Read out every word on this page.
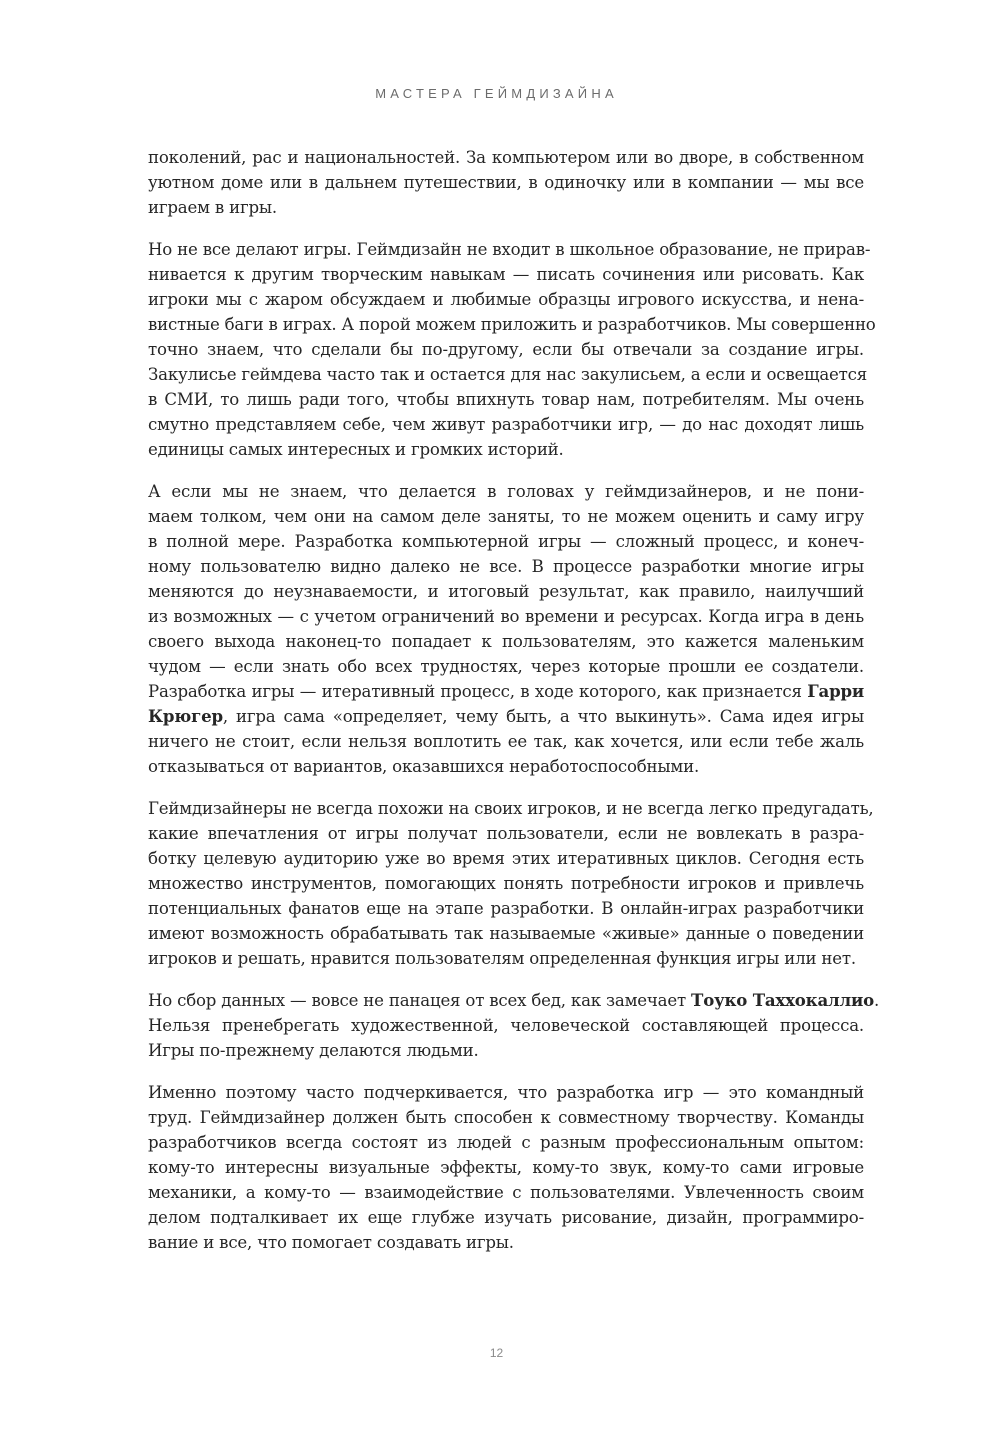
МАСТЕРА ГЕЙМДИЗАЙНА
поколений, рас и национальностей. За компьютером или во дворе, в собственном
уютном доме или в дальнем путешествии, в одиночку или в компании — мы все
играем в игры.
Но не все делают игры. Геймдизайн не входит в школьное образование, не прирав-
нивается к другим творческим навыкам — писать сочинения или рисовать. Как
игроки мы с жаром обсуждаем и любимые образцы игрового искусства, и нена-
вистные баги в играх. А порой можем приложить и разработчиков. Мы совершенно
точно знаем, что сделали бы по-другому, если бы отвечали за создание игры.
Закулисье геймдева часто так и остается для нас закулисьем, а если и освещается
в СМИ, то лишь ради того, чтобы впихнуть товар нам, потребителям. Мы очень
смутно представляем себе, чем живут разработчики игр, — до нас доходят лишь
единицы самых интересных и громких историй.
А если мы не знаем, что делается в головах у геймдизайнеров, и не пони-
маем толком, чем они на самом деле заняты, то не можем оценить и саму игру
в полной мере. Разработка компьютерной игры — сложный процесс, и конеч-
ному пользователю видно далеко не все. В процессе разработки многие игры
меняются до неузнаваемости, и итоговый результат, как правило, наилучший
из возможных — с учетом ограничений во времени и ресурсах. Когда игра в день
своего выхода наконец-то попадает к пользователям, это кажется маленьким
чудом — если знать обо всех трудностях, через которые прошли ее создатели.
Разработка игры — итеративный процесс, в ходе которого, как признается Гарри
Крюгер, игра сама «определяет, чему быть, а что выкинуть». Сама идея игры
ничего не стоит, если нельзя воплотить ее так, как хочется, или если тебе жаль
отказываться от вариантов, оказавшихся неработоспособными.
Геймдизайнеры не всегда похожи на своих игроков, и не всегда легко предугадать,
какие впечатления от игры получат пользователи, если не вовлекать в разра-
ботку целевую аудиторию уже во время этих итеративных циклов. Сегодня есть
множество инструментов, помогающих понять потребности игроков и привлечь
потенциальных фанатов еще на этапе разработки. В онлайн-играх разработчики
имеют возможность обрабатывать так называемые «живые» данные о поведении
игроков и решать, нравится пользователям определенная функция игры или нет.
Но сбор данных — вовсе не панацея от всех бед, как замечает Тоуко Таххокаллио.
Нельзя пренебрегать художественной, человеческой составляющей процесса.
Игры по-прежнему делаются людьми.
Именно поэтому часто подчеркивается, что разработка игр — это командный
труд. Геймдизайнер должен быть способен к совместному творчеству. Команды
разработчиков всегда состоят из людей с разным профессиональным опытом:
кому-то интересны визуальные эффекты, кому-то звук, кому-то сами игровые
механики, а кому-то — взаимодействие с пользователями. Увлеченность своим
делом подталкивает их еще глубже изучать рисование, дизайн, программиро-
вание и все, что помогает создавать игры.
12
